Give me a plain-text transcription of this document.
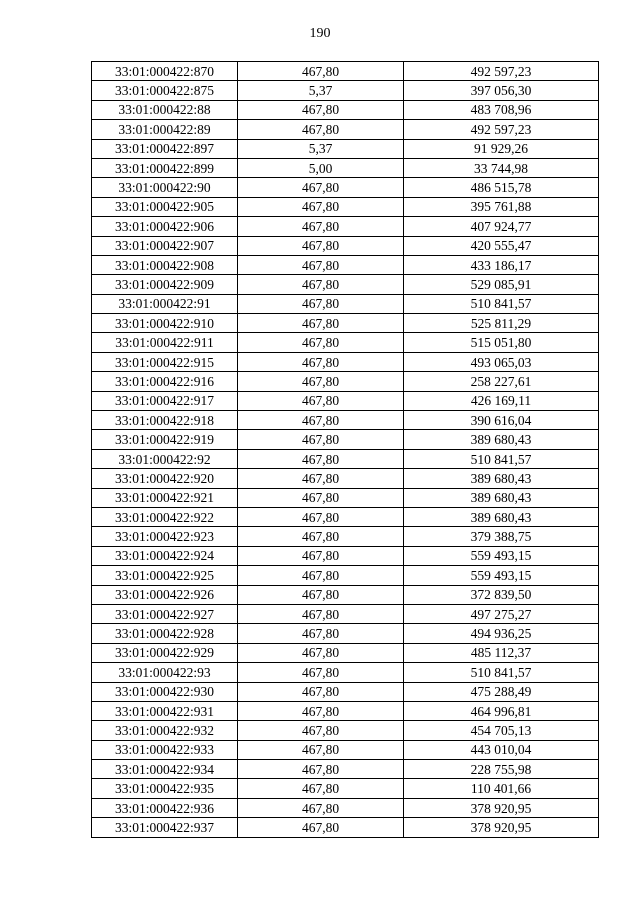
190
33:01:000422:870	467,80	492 597,23
33:01:000422:875	5,37	397 056,30
33:01:000422:88	467,80	483 708,96
33:01:000422:89	467,80	492 597,23
33:01:000422:897	5,37	91 929,26
33:01:000422:899	5,00	33 744,98
33:01:000422:90	467,80	486 515,78
33:01:000422:905	467,80	395 761,88
33:01:000422:906	467,80	407 924,77
33:01:000422:907	467,80	420 555,47
33:01:000422:908	467,80	433 186,17
33:01:000422:909	467,80	529 085,91
33:01:000422:91	467,80	510 841,57
33:01:000422:910	467,80	525 811,29
33:01:000422:911	467,80	515 051,80
33:01:000422:915	467,80	493 065,03
33:01:000422:916	467,80	258 227,61
33:01:000422:917	467,80	426 169,11
33:01:000422:918	467,80	390 616,04
33:01:000422:919	467,80	389 680,43
33:01:000422:92	467,80	510 841,57
33:01:000422:920	467,80	389 680,43
33:01:000422:921	467,80	389 680,43
33:01:000422:922	467,80	389 680,43
33:01:000422:923	467,80	379 388,75
33:01:000422:924	467,80	559 493,15
33:01:000422:925	467,80	559 493,15
33:01:000422:926	467,80	372 839,50
33:01:000422:927	467,80	497 275,27
33:01:000422:928	467,80	494 936,25
33:01:000422:929	467,80	485 112,37
33:01:000422:93	467,80	510 841,57
33:01:000422:930	467,80	475 288,49
33:01:000422:931	467,80	464 996,81
33:01:000422:932	467,80	454 705,13
33:01:000422:933	467,80	443 010,04
33:01:000422:934	467,80	228 755,98
33:01:000422:935	467,80	110 401,66
33:01:000422:936	467,80	378 920,95
33:01:000422:937	467,80	378 920,95
